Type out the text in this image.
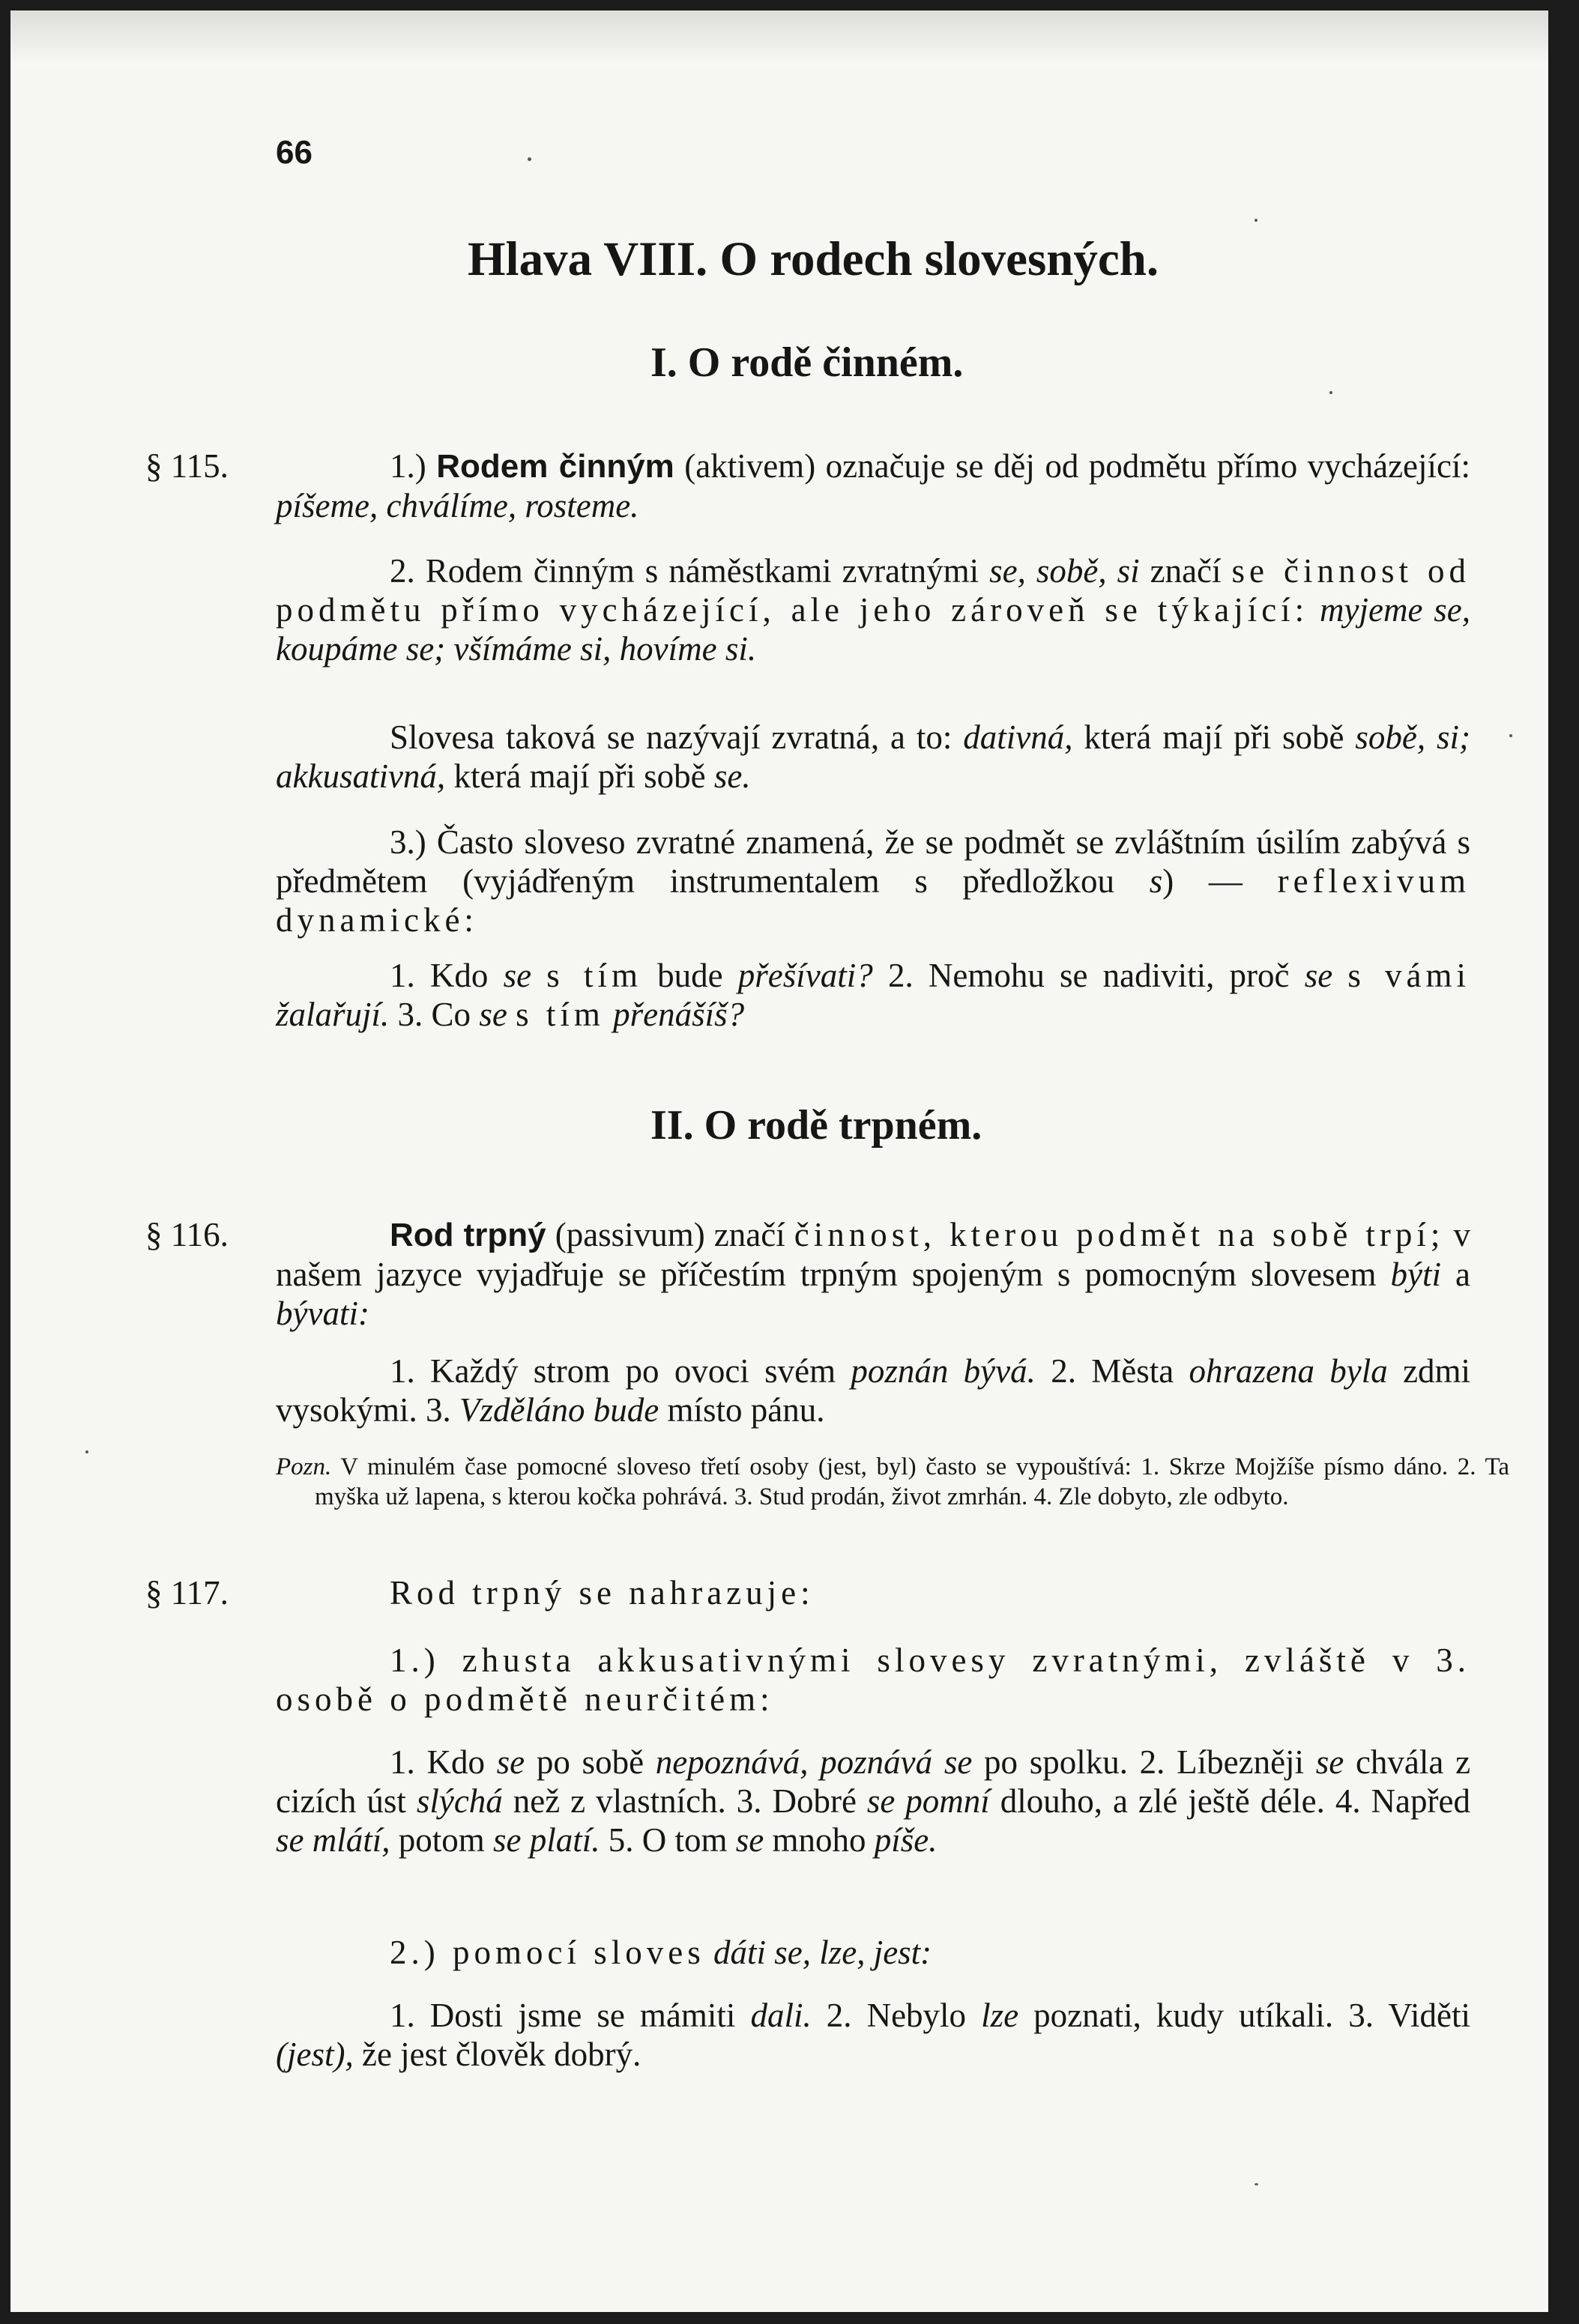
66

Hlava VIII. O rodech slovesných.
I. O rodě činném.

§ 115.	1.) Rodem činným (aktivem) označuje se děj od podmětu přímo vycházející: píšeme, chválíme, rosteme.

2. Rodem činným s náměstkami zvratnými se, sobě, si značí se činnost od podmětu přímo vycházející, ale jeho zároveň se týkající: myjeme se, koupáme se; všímáme si, hovíme si.

Slovesa taková se nazývají zvratná, a to: dativná, která mají při sobě sobě, si; akkusativná, která mají při sobě se.

3.) Často sloveso zvratné znamená, že se podmět se zvláštním úsilím zabývá s předmětem (vyjádřeným instrumentalem s předložkou s) — reflexivum dynamické:

1. Kdo se s tím bude přešívati? 2. Nemohu se nadiviti, proč se s vámi žalařují. 3. Co se s tím přenášíš?

II. O rodě trpném.

§ 116.	Rod trpný (passivum) značí činnost, kterou podmět na sobě trpí; v našem jazyce vyjadřuje se příčestím trpným spojeným s pomocným slovesem býti a bývati:

1. Každý strom po ovoci svém poznán bývá. 2. Města ohrazena byla zdmi vysokými. 3. Vzděláno bude místo pánu.

Pozn. V minulém čase pomocné sloveso třetí osoby (jest, byl) často se vypouštívá: 1. Skrze Mojžíše písmo dáno. 2. Ta myška už lapena, s kterou kočka pohrává. 3. Stud prodán, život zmrhán. 4. Zle dobyto, zle odbyto.

§ 117.	Rod trpný se nahrazuje:

1.) zhusta akkusativnými slovesy zvratnými, zvláště v 3. osobě o podmětě neurčitém:

1. Kdo se po sobě nepoznává, poznává se po spolku. 2. Líbezněji se chvála z cizích úst slýchá než z vlastních. 3. Dobré se pomní dlouho, a zlé ještě déle. 4. Napřed se mlátí, potom se platí. 5. O tom se mnoho píše.

2.) pomocí sloves dáti se, lze, jest:

1. Dosti jsme se mámiti dali. 2. Nebylo lze poznati, kudy utíkali. 3. Viděti (jest), že jest člověk dobrý.
